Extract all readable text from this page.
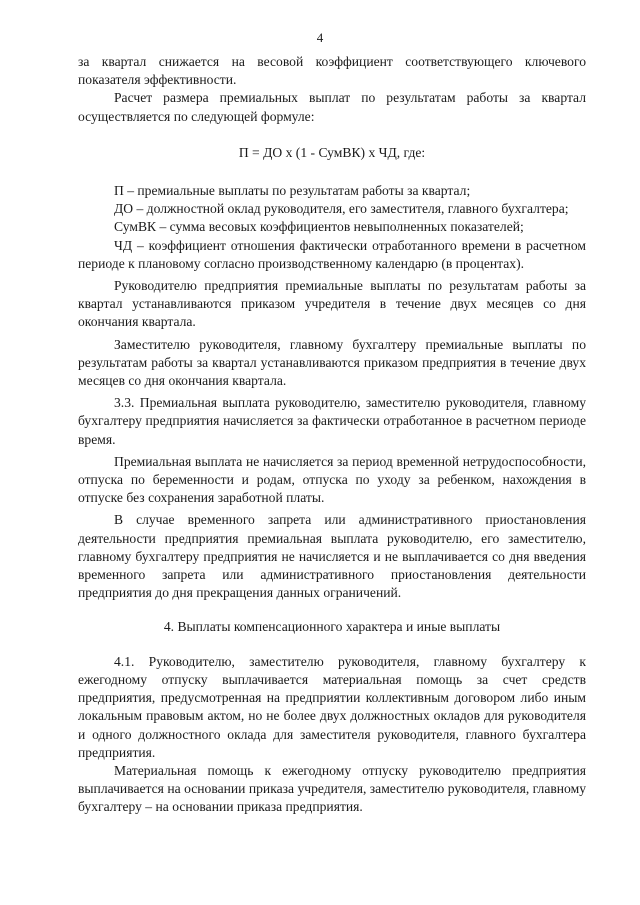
4

за квартал снижается на весовой коэффициент соответствующего ключевого показателя эффективности.

Расчет размера премиальных выплат по результатам работы за квартал осуществляется по следующей формуле:

П = ДО х (1 - СумВК) х ЧД, где:

П – премиальные выплаты по результатам работы за квартал;

ДО – должностной оклад руководителя, его заместителя, главного бухгалтера;

СумВК – сумма весовых коэффициентов невыполненных показателей;

ЧД – коэффициент отношения фактически отработанного времени в расчетном периоде к плановому согласно производственному календарю (в процентах).

Руководителю предприятия премиальные выплаты по результатам работы за квартал устанавливаются приказом учредителя в течение двух месяцев со дня окончания квартала.

Заместителю руководителя, главному бухгалтеру премиальные выплаты по результатам работы за квартал устанавливаются приказом предприятия в течение двух месяцев со дня окончания квартала.

3.3. Премиальная выплата руководителю, заместителю руководителя, главному бухгалтеру предприятия начисляется за фактически отработанное в расчетном периоде время.

Премиальная выплата не начисляется за период временной нетрудоспособности, отпуска по беременности и родам, отпуска по уходу за ребенком, нахождения в отпуске без сохранения заработной платы.

В случае временного запрета или административного приостановления деятельности предприятия премиальная выплата руководителю, его заместителю, главному бухгалтеру предприятия не начисляется и не выплачивается со дня введения временного запрета или административного приостановления деятельности предприятия до дня прекращения данных ограничений.

4. Выплаты компенсационного характера и иные выплаты

4.1. Руководителю, заместителю руководителя, главному бухгалтеру к ежегодному отпуску выплачивается материальная помощь за счет средств предприятия, предусмотренная на предприятии коллективным договором либо иным локальным правовым актом, но не более двух должностных окладов для руководителя и одного должностного оклада для заместителя руководителя, главного бухгалтера предприятия.

Материальная помощь к ежегодному отпуску руководителю предприятия выплачивается на основании приказа учредителя, заместителю руководителя, главному бухгалтеру – на основании приказа предприятия.
